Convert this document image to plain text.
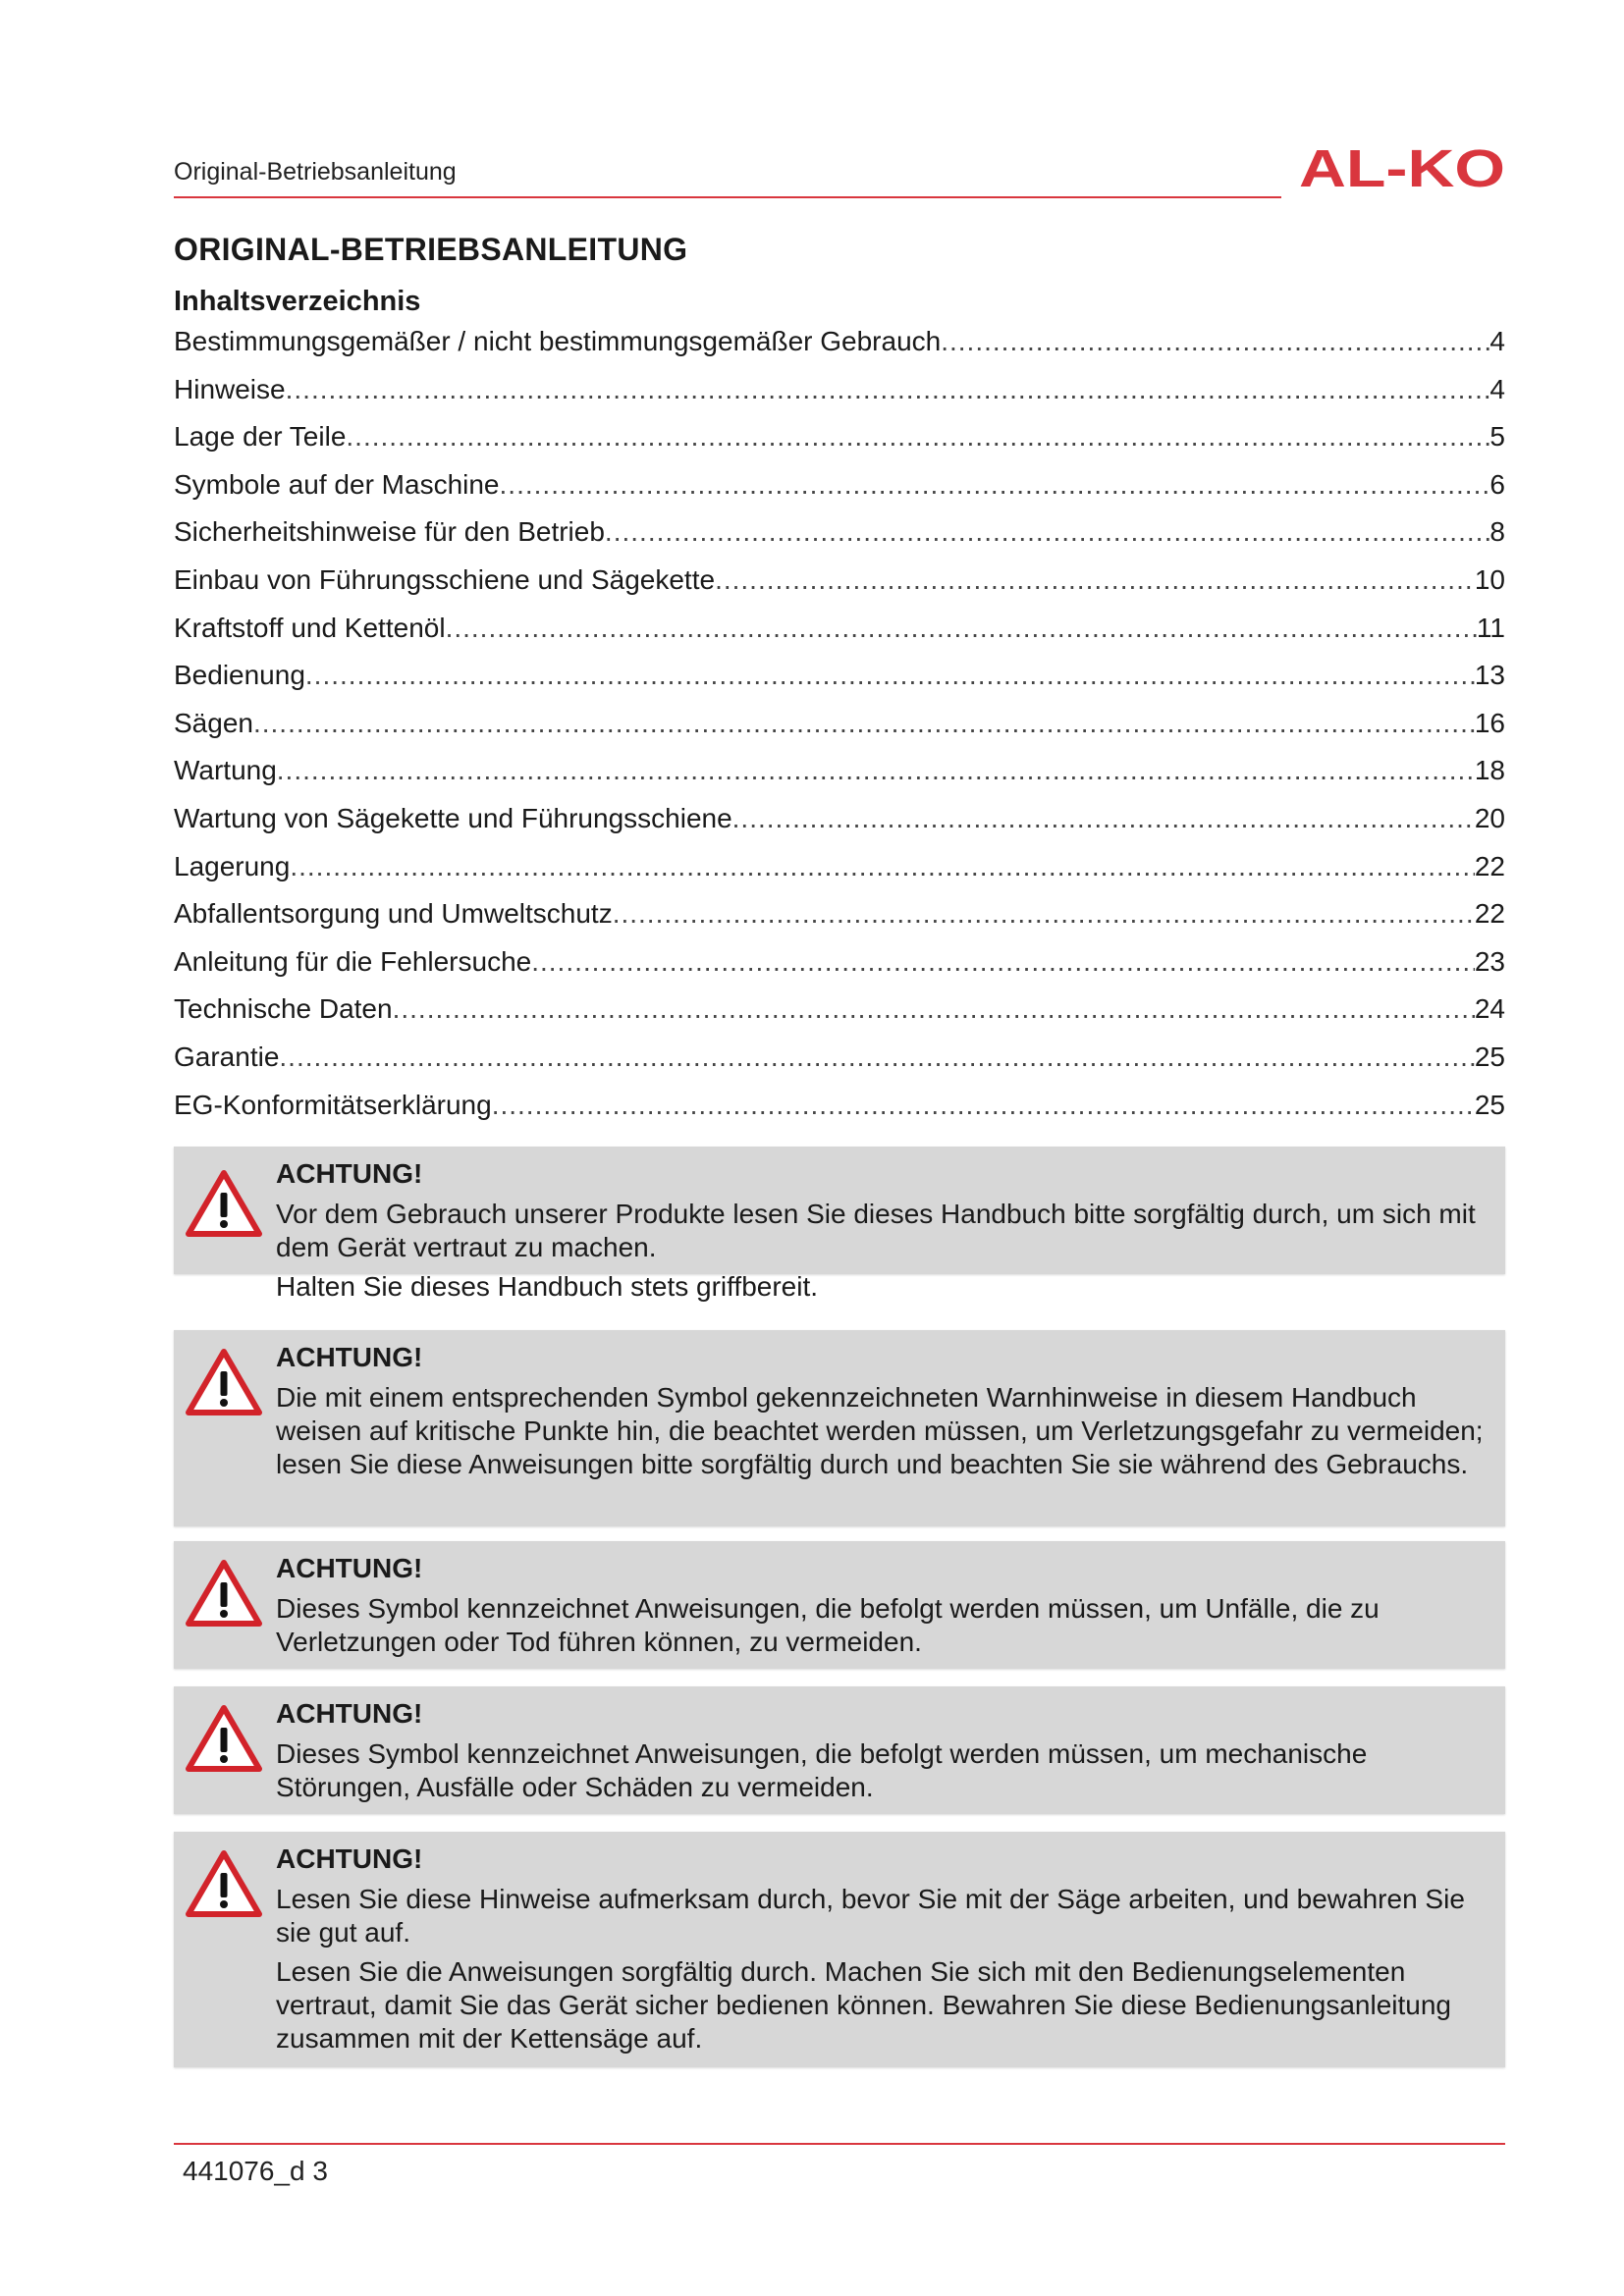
Original-Betriebsanleitung	AL-KO
ORIGINAL-BETRIEBSANLEITUNG
Inhaltsverzeichnis
Bestimmungsgemäßer / nicht bestimmungsgemäßer Gebrauch .....	4
Hinweise .....	4
Lage der Teile .....	5
Symbole auf der Maschine .....	6
Sicherheitshinweise für den Betrieb .....	8
Einbau von Führungsschiene und Sägekette .....	10
Kraftstoff und Kettenöl .....	11
Bedienung .....	13
Sägen .....	16
Wartung .....	18
Wartung von Sägekette und Führungsschiene .....	20
Lagerung .....	22
Abfallentsorgung und Umweltschutz .....	22
Anleitung für die Fehlersuche .....	23
Technische Daten .....	24
Garantie .....	25
EG-Konformitätserklärung .....	25
ACHTUNG!

Vor dem Gebrauch unserer Produkte lesen Sie dieses Handbuch bitte sorgfältig durch, um sich mit dem Gerät vertraut zu machen.

Halten Sie dieses Handbuch stets griffbereit.

ACHTUNG!

Die mit einem entsprechenden Symbol gekennzeichneten Warnhinweise in diesem Handbuch weisen auf kritische Punkte hin, die beachtet werden müssen, um Verletzungsgefahr zu vermeiden; lesen Sie diese Anweisungen bitte sorgfältig durch und beachten Sie sie während des Gebrauchs.

ACHTUNG!

Dieses Symbol kennzeichnet Anweisungen, die befolgt werden müssen, um Unfälle, die zu Verletzungen oder Tod führen können, zu vermeiden.

ACHTUNG!

Dieses Symbol kennzeichnet Anweisungen, die befolgt werden müssen, um mechanische Störungen, Ausfälle oder Schäden zu vermeiden.

ACHTUNG!

Lesen Sie diese Hinweise aufmerksam durch, bevor Sie mit der Säge arbeiten, und bewahren Sie sie gut auf.

Lesen Sie die Anweisungen sorgfältig durch. Machen Sie sich mit den Bedienungselementen vertraut, damit Sie das Gerät sicher bedienen können. Bewahren Sie diese Bedienungsanleitung zusammen mit der Kettensäge auf.

441076_d 3
